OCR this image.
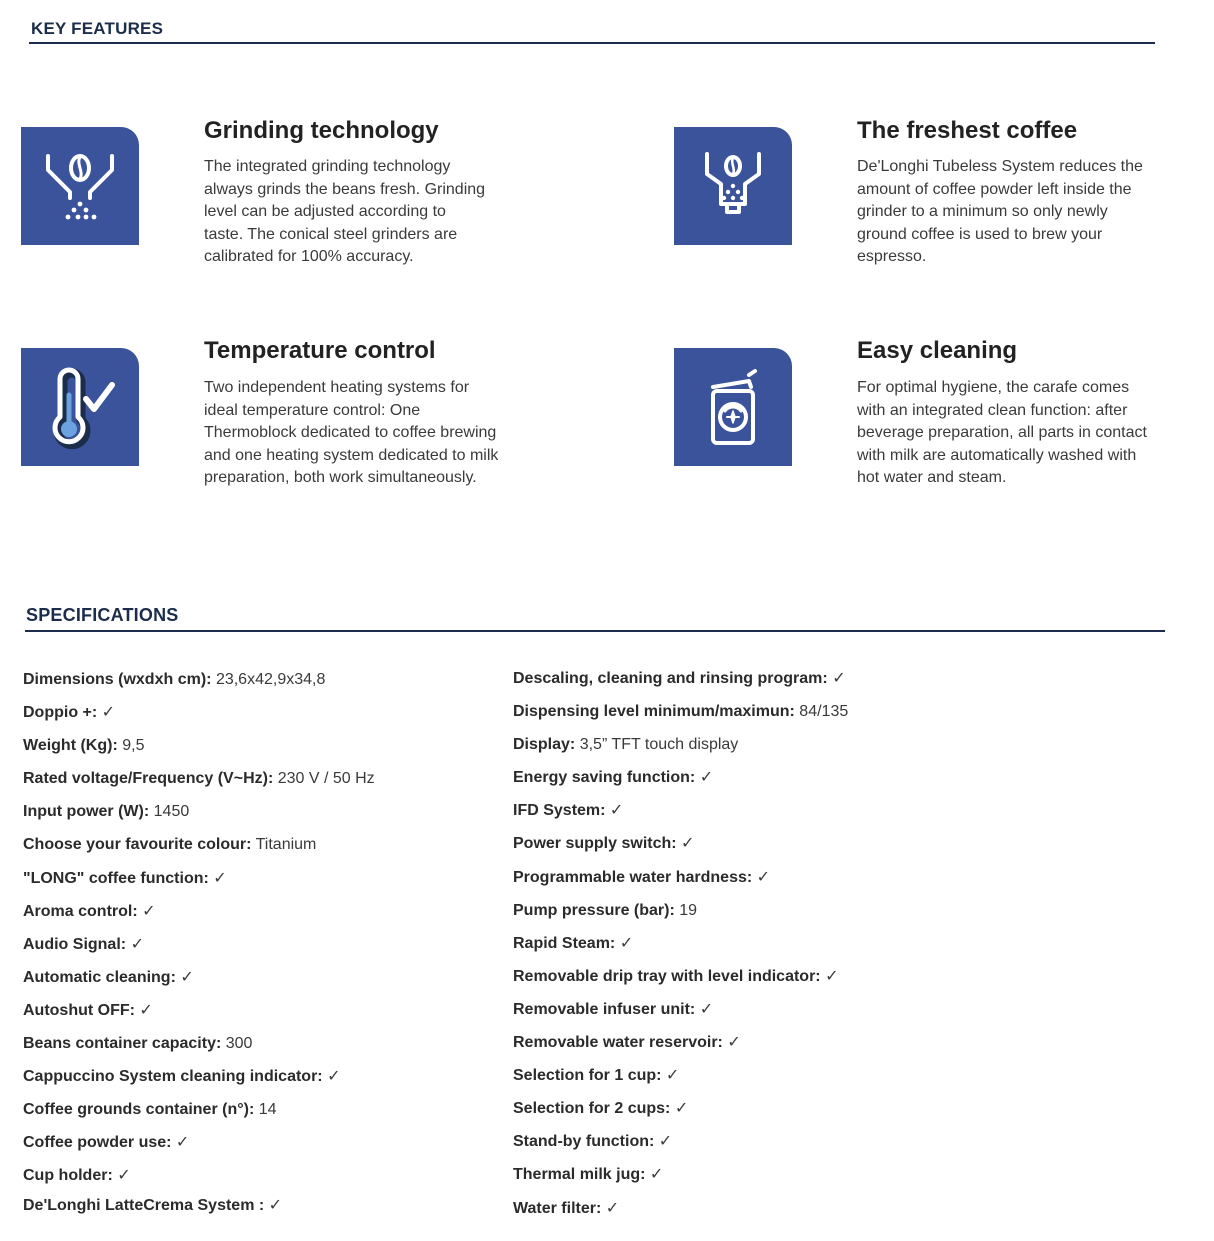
KEY FEATURES
Grinding technology

The integrated grinding technology always grinds the beans fresh. Grinding level can be adjusted according to taste. The conical steel grinders are calibrated for 100% accuracy.

The freshest coffee

De'Longhi Tubeless System reduces the amount of coffee powder left inside the grinder to a minimum so only newly ground coffee is used to brew your espresso.

Temperature control

Two independent heating systems for ideal temperature control: One Thermoblock dedicated to coffee brewing and one heating system dedicated to milk preparation, both work simultaneously.

Easy cleaning

For optimal hygiene, the carafe comes with an integrated clean function: after beverage preparation, all parts in contact with milk are automatically washed with hot water and steam.

SPECIFICATIONS
Dimensions (wxdxh cm): 23,6x42,9x34,8
Doppio +: ✓
Weight (Kg): 9,5
Rated voltage/Frequency (V~Hz): 230 V / 50 Hz
Input power (W): 1450
Choose your favourite colour: Titanium
"LONG" coffee function: ✓
Aroma control: ✓
Audio Signal: ✓
Automatic cleaning: ✓
Autoshut OFF: ✓
Beans container capacity: 300
Cappuccino System cleaning indicator: ✓
Coffee grounds container (n°): 14
Coffee powder use: ✓
Cup holder: ✓
De'Longhi LatteCrema System : ✓
Descaling, cleaning and rinsing program: ✓
Dispensing level minimum/maximun: 84/135
Display: 3,5” TFT touch display
Energy saving function: ✓
IFD System: ✓
Power supply switch: ✓
Programmable water hardness: ✓
Pump pressure (bar): 19
Rapid Steam: ✓
Removable drip tray with level indicator: ✓
Removable infuser unit: ✓
Removable water reservoir: ✓
Selection for 1 cup: ✓
Selection for 2 cups: ✓
Stand-by function: ✓
Thermal milk jug: ✓
Water filter: ✓
